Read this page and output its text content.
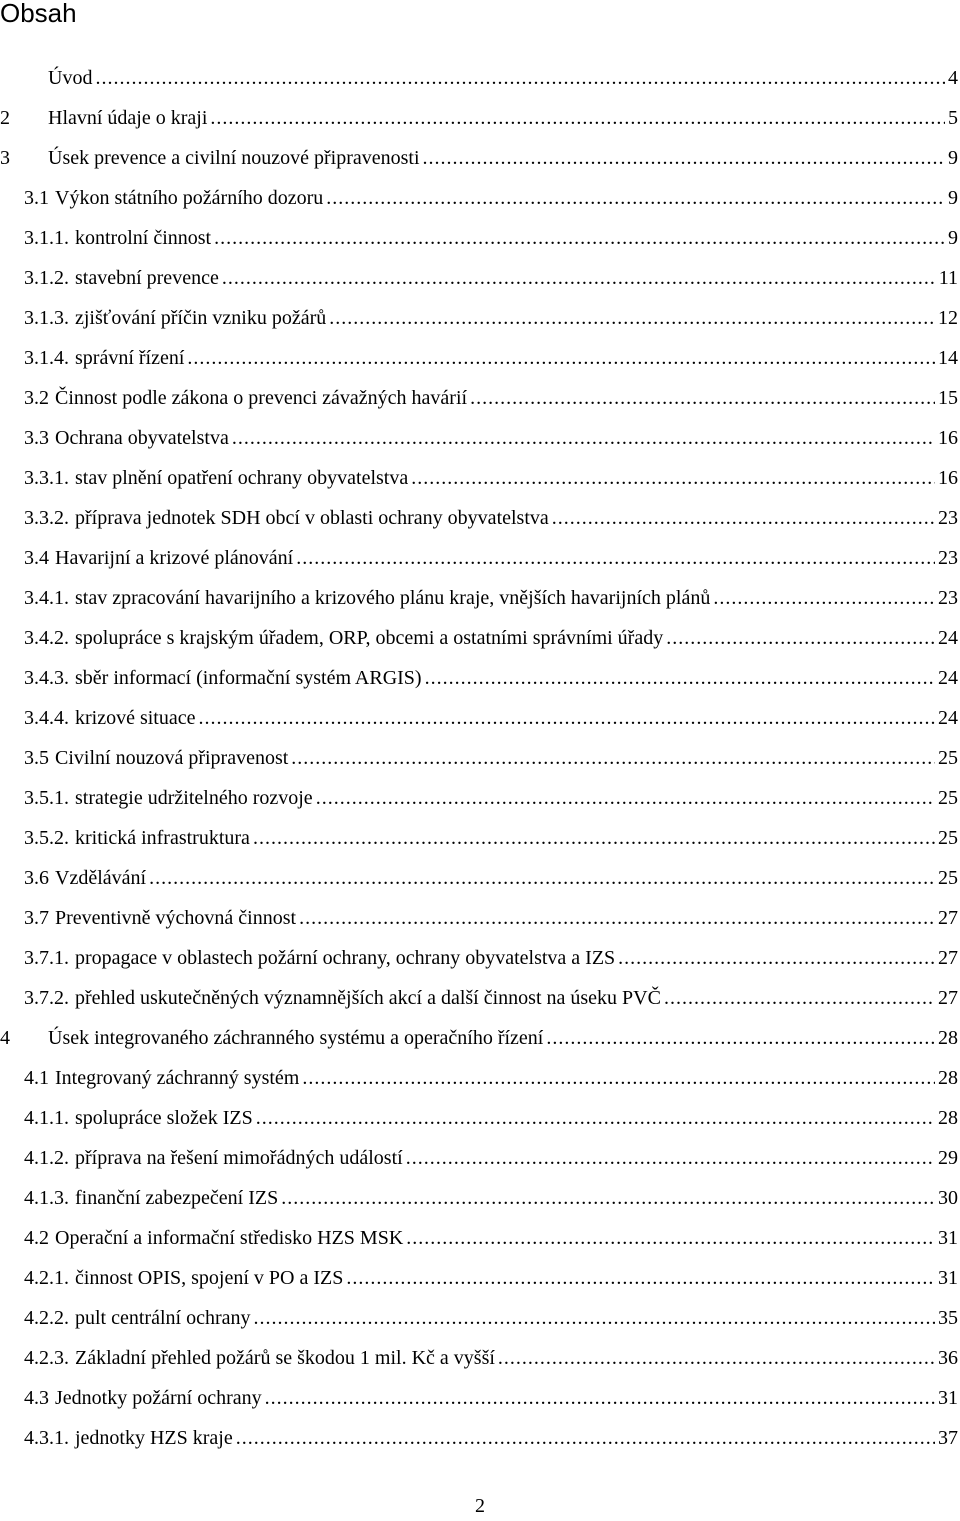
Obsah
Úvod .....	4
2	Hlavní údaje o kraji .....	5
3	Úsek prevence a civilní nouzové připravenosti .....	9
3.1 Výkon státního požárního dozoru .....	9
3.1.1. kontrolní činnost .....	9
3.1.2. stavební prevence .....	11
3.1.3. zjišťování příčin vzniku požárů .....	12
3.1.4. správní řízení .....	14
3.2 Činnost podle zákona o prevenci závažných havárií .....	15
3.3 Ochrana obyvatelstva .....	16
3.3.1. stav plnění opatření ochrany obyvatelstva .....	16
3.3.2. příprava jednotek SDH obcí v oblasti ochrany obyvatelstva .....	23
3.4 Havarijní a krizové plánování .....	23
3.4.1. stav zpracování havarijního a krizového plánu kraje, vnějších havarijních plánů .....	23
3.4.2. spolupráce s krajským úřadem, ORP, obcemi a ostatními správními úřady .....	24
3.4.3. sběr informací (informační systém ARGIS) .....	24
3.4.4. krizové situace .....	24
3.5 Civilní nouzová připravenost .....	25
3.5.1. strategie udržitelného rozvoje .....	25
3.5.2. kritická infrastruktura .....	25
3.6 Vzdělávání .....	25
3.7 Preventivně výchovná činnost .....	27
3.7.1. propagace v oblastech požární ochrany, ochrany obyvatelstva a IZS .....	27
3.7.2. přehled uskutečněných významnějších akcí a další činnost na úseku PVČ .....	27
4	Úsek integrovaného záchranného systému a operačního řízení .....	28
4.1 Integrovaný záchranný systém .....	28
4.1.1. spolupráce složek IZS .....	28
4.1.2. příprava na řešení mimořádných událostí .....	29
4.1.3. finanční zabezpečení IZS .....	30
4.2 Operační a informační středisko HZS MSK .....	31
4.2.1. činnost OPIS, spojení v PO a IZS .....	31
4.2.2. pult centrální ochrany .....	35
4.2.3. Základní přehled požárů se škodou 1 mil. Kč a vyšší .....	36
4.3 Jednotky požární ochrany .....	31
4.3.1. jednotky HZS kraje .....	37
2
